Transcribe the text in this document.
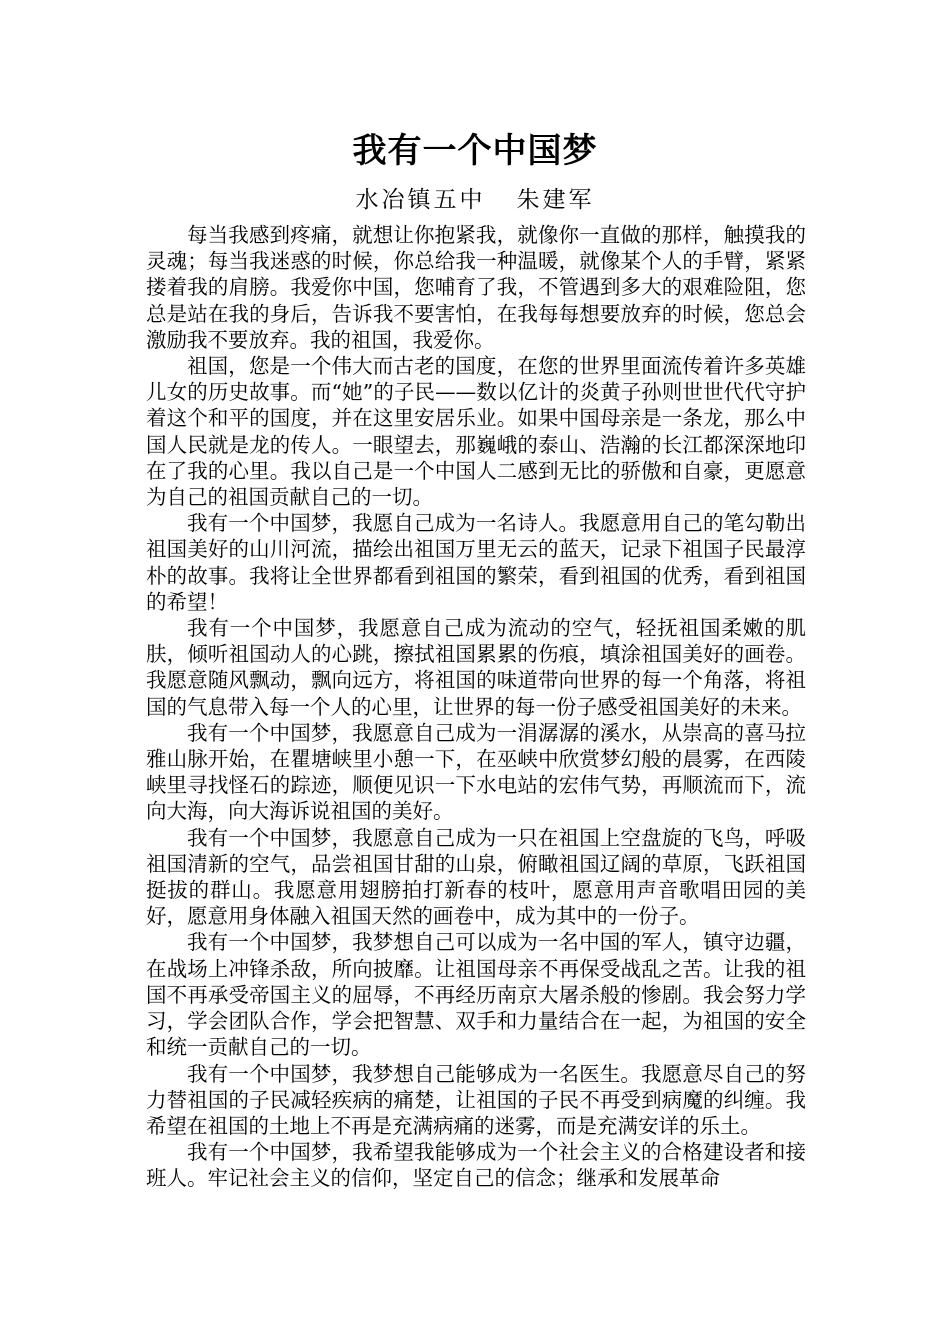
我有一个中国梦
水冶镇五中   朱建军

每当我感到疼痛，就想让你抱紧我，就像你一直做的那样，触摸我的灵魂；每当我迷惑的时候，你总给我一种温暖，就像某个人的手臂，紧紧搂着我的肩膀。我爱你中国，您哺育了我，不管遇到多大的艰难险阻，您总是站在我的身后，告诉我不要害怕，在我每每想要放弃的时候，您总会激励我不要放弃。我的祖国，我爱你。

祖国，您是一个伟大而古老的国度，在您的世界里面流传着许多英雄儿女的历史故事。而“她”的子民——数以亿计的炎黄子孙则世世代代守护着这个和平的国度，并在这里安居乐业。如果中国母亲是一条龙，那么中国人民就是龙的传人。一眼望去，那巍峨的泰山、浩瀚的长江都深深地印在了我的心里。我以自己是一个中国人二感到无比的骄傲和自豪，更愿意为自己的祖国贡献自己的一切。

我有一个中国梦，我愿自己成为一名诗人。我愿意用自己的笔勾勒出祖国美好的山川河流，描绘出祖国万里无云的蓝天，记录下祖国子民最淳朴的故事。我将让全世界都看到祖国的繁荣，看到祖国的优秀，看到祖国的希望！

我有一个中国梦，我愿意自己成为流动的空气，轻抚祖国柔嫩的肌肤，倾听祖国动人的心跳，擦拭祖国累累的伤痕，填涂祖国美好的画卷。我愿意随风飘动，飘向远方，将祖国的味道带向世界的每一个角落，将祖国的气息带入每一个人的心里，让世界的每一份子感受祖国美好的未来。

我有一个中国梦，我愿意自己成为一涓潺潺的溪水，从崇高的喜马拉雅山脉开始，在瞿塘峡里小憩一下，在巫峡中欣赏梦幻般的晨雾，在西陵峡里寻找怪石的踪迹，顺便见识一下水电站的宏伟气势，再顺流而下，流向大海，向大海诉说祖国的美好。

我有一个中国梦，我愿意自己成为一只在祖国上空盘旋的飞鸟，呼吸祖国清新的空气，品尝祖国甘甜的山泉，俯瞰祖国辽阔的草原，飞跃祖国挺拔的群山。我愿意用翅膀拍打新春的枝叶，愿意用声音歌唱田园的美好，愿意用身体融入祖国天然的画卷中，成为其中的一份子。

我有一个中国梦，我梦想自己可以成为一名中国的军人，镇守边疆，在战场上冲锋杀敌，所向披靡。让祖国母亲不再保受战乱之苦。让我的祖国不再承受帝国主义的屈辱，不再经历南京大屠杀般的惨剧。我会努力学习，学会团队合作，学会把智慧、双手和力量结合在一起，为祖国的安全和统一贡献自己的一切。

我有一个中国梦，我梦想自己能够成为一名医生。我愿意尽自己的努力替祖国的子民减轻疾病的痛楚，让祖国的子民不再受到病魔的纠缠。我希望在祖国的土地上不再是充满病痛的迷雾，而是充满安详的乐土。

我有一个中国梦，我希望我能够成为一个社会主义的合格建设者和接班人。牢记社会主义的信仰，坚定自己的信念；继承和发展革命
